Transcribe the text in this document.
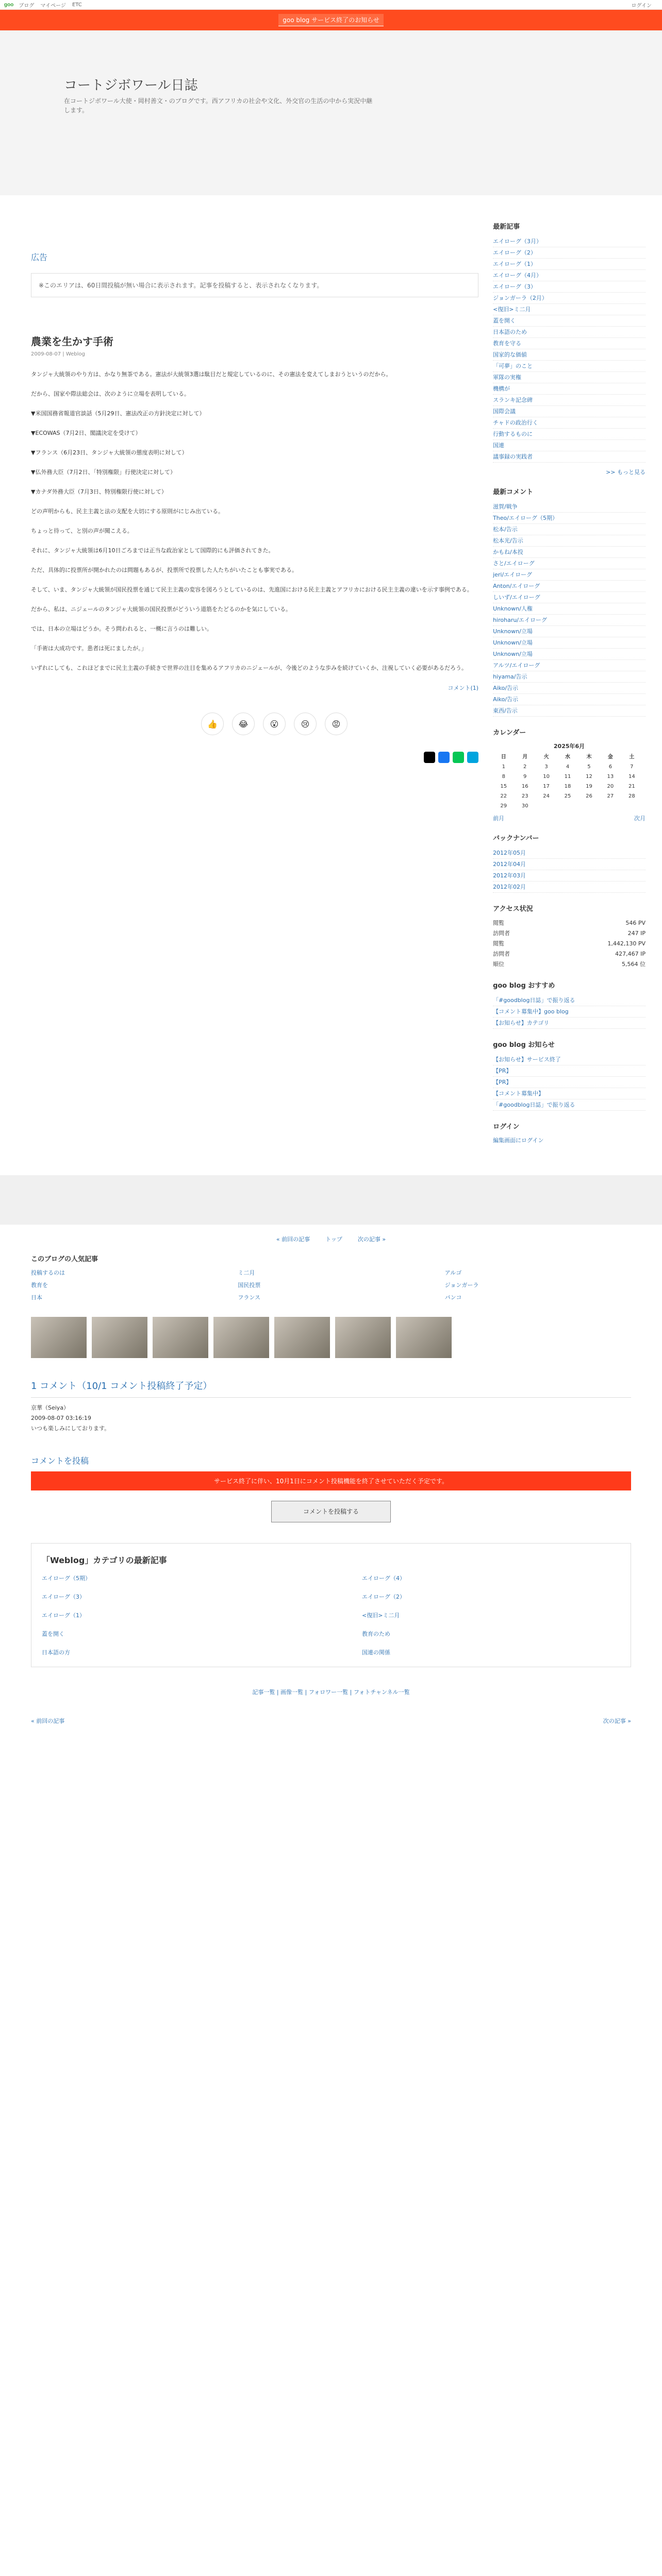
goo ブログ マイページ ETC	ログイン
goo blog サービス終了のお知らせ
コートジボワール日誌
在コートジボワール大使・岡村善文・のブログです。西アフリカの社会や文化、外交官の生活の中から実況中継します。
広告
※このエリアは、60日間投稿が無い場合に表示されます。記事を投稿すると、表示されなくなります。
農業を生かす手術
2009-08-07 | Weblog

タンジャ大統領のやり方は、かなり無茶である。憲法が大統領3選は駄目だと規定しているのに、その憲法を変えてしまおうというのだから。

だから、国家や際法総会は、次のように立場を表明している。

▼米国国務省報道官談話（5月29日、憲法改正の方針決定に対して）

▼ECOWAS（7月2日、閣議決定を受けて）

▼フランス（6月23日、タンジャ大統領の態度表明に対して）

▼仏外務大臣（7月2日、「特別権限」行使決定に対して）

▼カナダ外務大臣（7月3日、特別権限行使に対して）

どの声明からも、民主主義と法の支配を大切にする原則がにじみ出ている。

ちょっと待って、と別の声が聞こえる。

それに、タンジャ大統領は6月10日ごろまでは正当な政治家として国際的にも評価されてきた。

ただ、具体的に投票所が開かれたのは問題もあるが、投票所で投票した人たちがいたことも事実である。

そして、いま、タンジャ大統領が国民投票を通じて民主主義の変容を図ろうとしているのは、先進国における民主主義とアフリカにおける民主主義の違いを示す事例である。

だから、私は、ニジェールのタンジャ大統領の国民投票がどういう道筋をたどるのかを気にしている。

では、日本の立場はどうか。そう問われると、一概に言うのは難しい。

「手術は大成功です。患者は死にましたが。」

いずれにしても、これほどまでに民主主義の手続きで世界の注目を集めるアフリカのニジェールが、今後どのような歩みを続けていくか、注視していく必要があるだろう。

コメント(1)
👍	😂	😮	😢	😡
最新記事
エイローグ（3月）
エイローグ（2）
エイローグ（1）
エイローグ（4月）
エイローグ（3）
ジョンガーラ（2月）
<復旧>ミ二月
蓋を開く
日本語のため
教育を守る
国家的な価値
「可夢」のこと
軍隊の実権
機構が
スランキ記念碑
国際会議
チャドの政治行く
行動するものに
国連
議事録の実践者
>> もっと見る
最新コメント
滋賀/戦争
Theo/エイローグ（5期）
松本/告示
松本光/告示
かもね/本投
さと/エイローグ
jeri/エイローグ
Anton/エイローグ
しいず/エイローグ
Unknown/人権
hiroharu/エイローグ
Unknown/立場
Unknown/立場
Unknown/立場
アルツ/エイローグ
hiyama/告示
Aiko/告示
Aiko/告示
東西/告示
カレンダー
2025年6月
日	月	火	水	木	金	土
1	2	3	4	5	6	7
8	9	10	11	12	13	14
15	16	17	18	19	20	21
22	23	24	25	26	27	28
29	30					
前月	次月
バックナンバー
2012年05月
2012年04月
2012年03月
2012年02月
アクセス状況
閲覧	546 PV
訪問者	247 IP
閲覧	1,442,130 PV
訪問者	427,467 IP
順位	5,564 位
goo blog おすすめ
「#goodblog日誌」で振り返る
【コメント募集中】goo blog
【お知らせ】カテゴリ
goo blog お知らせ
【お知らせ】サービス終了
【PR】
【PR】
【コメント募集中】
「#goodblog日誌」で振り返る
ログイン
編集画面にログイン
« 前回の記事	トップ	次の記事 »
このブログの人気記事
投稿するのは	ミ二月	アルゴ
教育を	国民投票	ジョンガーラ
日本	フランス	パンコ
1 コメント（10/1 コメント投稿終了予定）
京華（Seiya）
2009-08-07 03:16:19
いつも楽しみにしております。
コメントを投稿
サービス終了に伴い、10月1日にコメント投稿機能を終了させていただく予定です。
コメントを投稿する
「Weblog」カテゴリの最新記事
エイローグ（5期）	エイローグ（4）
エイローグ（3）	エイローグ（2）
エイローグ（1）	<復旧>ミ二月
蓋を開く	教育のため
日本語の方	国連の関係
記事一覧 | 画像一覧 | フォロワー一覧 | フォトチャンネル一覧
« 前回の記事	次の記事 »
